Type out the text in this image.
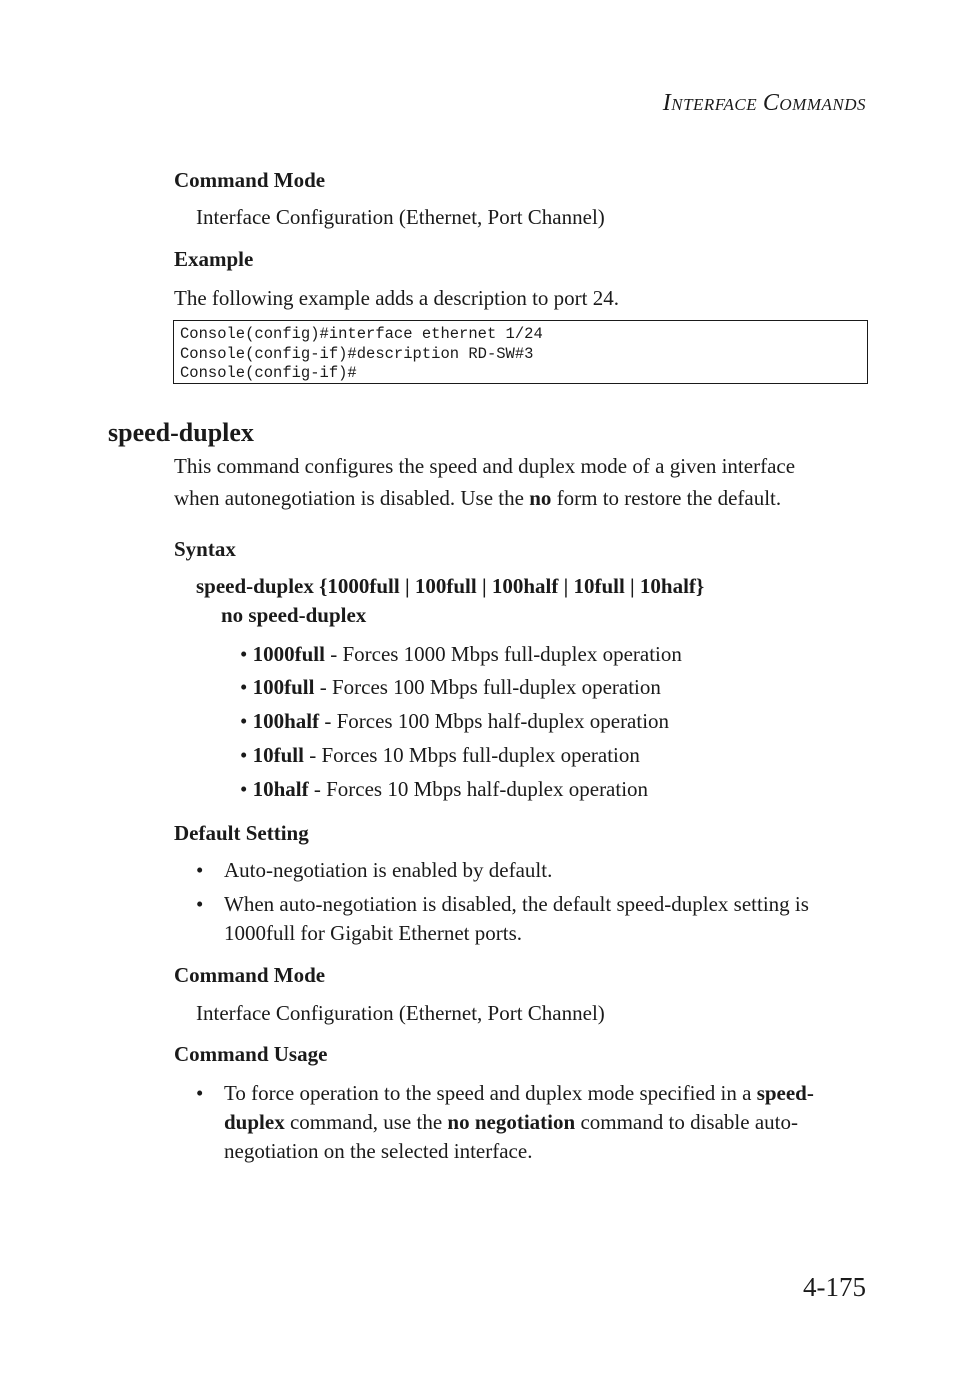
INTERFACE COMMANDS
Command Mode
Interface Configuration (Ethernet, Port Channel)
Example
The following example adds a description to port 24.
Console(config)#interface ethernet 1/24
Console(config-if)#description RD-SW#3
Console(config-if)#
speed-duplex
This command configures the speed and duplex mode of a given interface
when autonegotiation is disabled. Use the no form to restore the default.
Syntax
speed-duplex {1000full | 100full | 100half | 10full | 10half}
no speed-duplex
• 1000full - Forces 1000 Mbps full-duplex operation
• 100full - Forces 100 Mbps full-duplex operation
• 100half - Forces 100 Mbps half-duplex operation
• 10full - Forces 10 Mbps full-duplex operation
• 10half - Forces 10 Mbps half-duplex operation
Default Setting
• Auto-negotiation is enabled by default.
• When auto-negotiation is disabled, the default speed-duplex setting is 1000full for Gigabit Ethernet ports.
Command Mode
Interface Configuration (Ethernet, Port Channel)
Command Usage
• To force operation to the speed and duplex mode specified in a speed-duplex command, use the no negotiation command to disable auto-negotiation on the selected interface.
4-175
